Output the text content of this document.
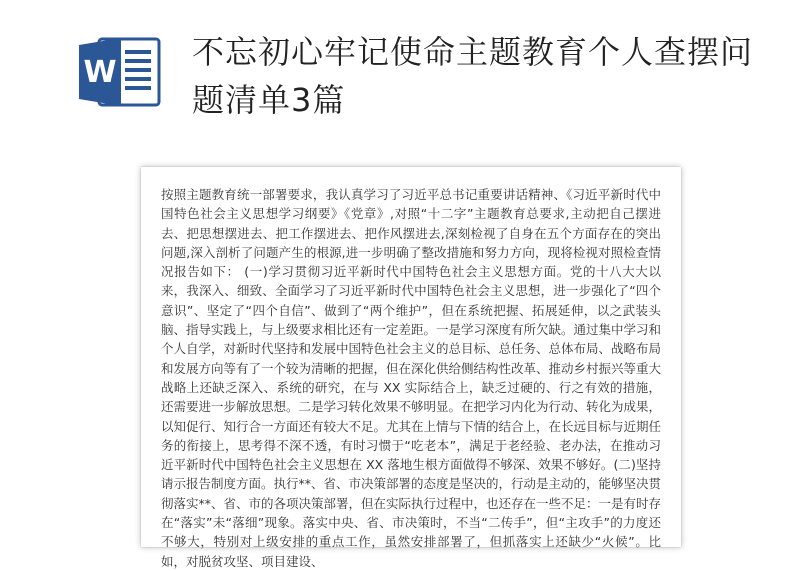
W
不忘初心牢记使命主题教育个人查摆问题清单3篇

按照主题教育统一部署要求，我认真学习了习近平总书记重要讲话精神、《习近平新时代中国特色社会主义思想学习纲要》《党章》,对照“十二字”主题教育总要求,主动把自己摆进去、把思想摆进去、把工作摆进去、把作风摆进去,深刻检视了自身在五个方面存在的突出问题,深入剖析了问题产生的根源,进一步明确了整改措施和努力方向，现将检视对照检查情况报告如下： (一)学习贯彻习近平新时代中国特色社会主义思想方面。党的十八大大以来，我深入、细致、全面学习了习近平新时代中国特色社会主义思想，进一步强化了“四个意识”、坚定了“四个自信”、做到了“两个维护”，但在系统把握、拓展延伸，以之武装头脑、指导实践上，与上级要求相比还有一定差距。一是学习深度有所欠缺。通过集中学习和个人自学，对新时代坚持和发展中国特色社会主义的总目标、总任务、总体布局、战略布局和发展方向等有了一个较为清晰的把握，但在深化供给侧结构性改革、推动乡村振兴等重大战略上还缺乏深入、系统的研究，在与 XX 实际结合上，缺乏过硬的、行之有效的措施，还需要进一步解放思想。二是学习转化效果不够明显。在把学习内化为行动、转化为成果，以知促行、知行合一方面还有较大不足。尤其在上情与下情的结合上，在长远目标与近期任务的衔接上，思考得不深不透，有时习惯于“吃老本”，满足于老经验、老办法，在推动习近平新时代中国特色社会主义思想在 XX 落地生根方面做得不够深、效果不够好。(二)坚持请示报告制度方面。执行**、省、市决策部署的态度是坚决的，行动是主动的，能够坚决贯彻落实**、省、市的各项决策部署，但在实际执行过程中，也还存在一些不足：一是有时存在“落实”未“落细”现象。落实中央、省、市决策时，不当“二传手”，但“主攻手”的力度还不够大，特别对上级安排的重点工作，虽然安排部署了，但抓落实上还缺少“火候”。比如，对脱贫攻坚、项目建设、
